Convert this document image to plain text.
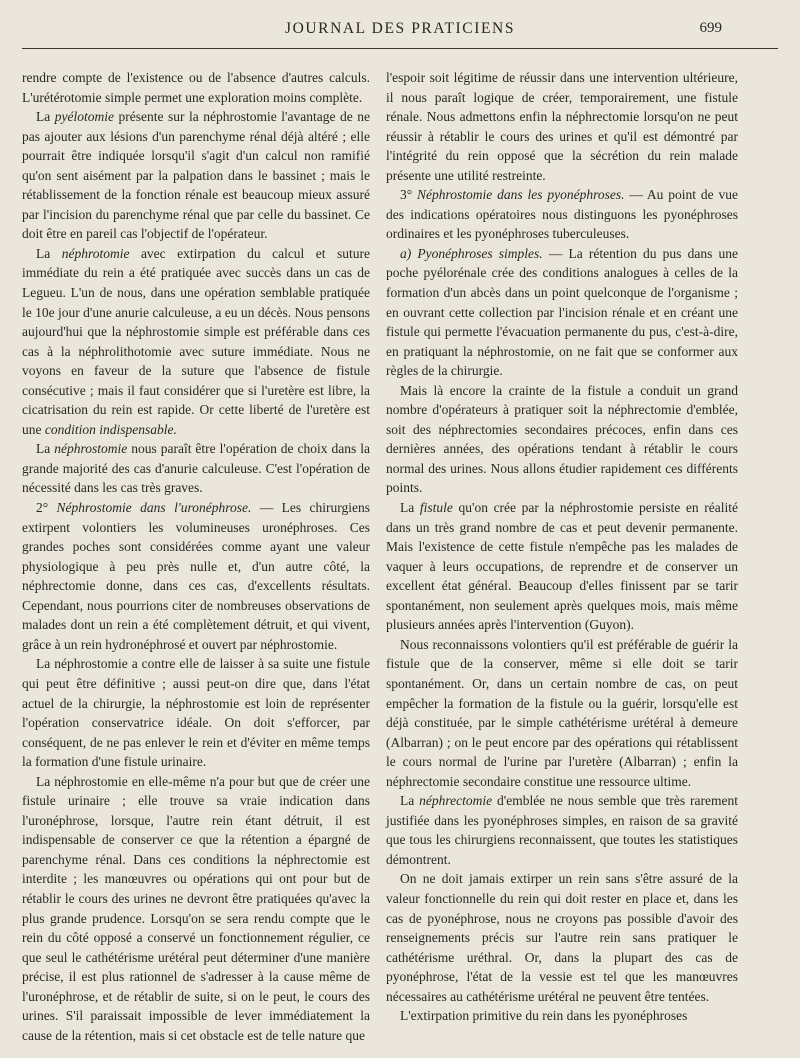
JOURNAL DES PRATICIENS	699

rendre compte de l'existence ou de l'absence d'autres calculs. L'urétérotomie simple permet une exploration moins complète.

La pyélotomie présente sur la néphrostomie l'avantage de ne pas ajouter aux lésions d'un parenchyme rénal déjà altéré ; elle pourrait être indiquée lorsqu'il s'agit d'un calcul non ramifié qu'on sent aisément par la palpation dans le bassinet ; mais le rétablissement de la fonction rénale est beaucoup mieux assuré par l'incision du parenchyme rénal que par celle du bassinet. Ce doit être en pareil cas l'objectif de l'opérateur.

La néphrotomie avec extirpation du calcul et suture immédiate du rein a été pratiquée avec succès dans un cas de Legueu. L'un de nous, dans une opération semblable pratiquée le 10e jour d'une anurie calculeuse, a eu un décès. Nous pensons aujourd'hui que la néphrostomie simple est préférable dans ces cas à la néphrolithotomie avec suture immédiate. Nous ne voyons en faveur de la suture que l'absence de fistule consécutive ; mais il faut considérer que si l'uretère est libre, la cicatrisation du rein est rapide. Or cette liberté de l'uretère est une condition indispensable.

La néphrostomie nous paraît être l'opération de choix dans la grande majorité des cas d'anurie calculeuse. C'est l'opération de nécessité dans les cas très graves.

2° Néphrostomie dans l'uronéphrose. — Les chirurgiens extirpent volontiers les volumineuses uronéphroses. Ces grandes poches sont considérées comme ayant une valeur physiologique à peu près nulle et, d'un autre côté, la néphrectomie donne, dans ces cas, d'excellents résultats. Cependant, nous pourrions citer de nombreuses observations de malades dont un rein a été complètement détruit, et qui vivent, grâce à un rein hydronéphrosé et ouvert par néphrostomie.

La néphrostomie a contre elle de laisser à sa suite une fistule qui peut être définitive ; aussi peut-on dire que, dans l'état actuel de la chirurgie, la néphrostomie est loin de représenter l'opération conservatrice idéale. On doit s'efforcer, par conséquent, de ne pas enlever le rein et d'éviter en même temps la formation d'une fistule urinaire.

La néphrostomie en elle-même n'a pour but que de créer une fistule urinaire ; elle trouve sa vraie indication dans l'uronéphrose, lorsque, l'autre rein étant détruit, il est indispensable de conserver ce que la rétention a épargné de parenchyme rénal. Dans ces conditions la néphrectomie est interdite ; les manœuvres ou opérations qui ont pour but de rétablir le cours des urines ne devront être pratiquées qu'avec la plus grande prudence. Lorsqu'on se sera rendu compte que le rein du côté opposé a conservé un fonctionnement régulier, ce que seul le cathétérisme urétéral peut déterminer d'une manière précise, il est plus rationnel de s'adresser à la cause même de l'uronéphrose, et de rétablir de suite, si on le peut, le cours des urines. S'il paraissait impossible de lever immédiatement la cause de la rétention, mais si cet obstacle est de telle nature que

l'espoir soit légitime de réussir dans une intervention ultérieure, il nous paraît logique de créer, temporairement, une fistule rénale. Nous admettons enfin la néphrectomie lorsqu'on ne peut réussir à rétablir le cours des urines et qu'il est démontré par l'intégrité du rein opposé que la sécrétion du rein malade présente une utilité restreinte.

3° Néphrostomie dans les pyonéphroses. — Au point de vue des indications opératoires nous distinguons les pyonéphroses ordinaires et les pyonéphroses tuberculeuses.

a) Pyonéphroses simples. — La rétention du pus dans une poche pyélorénale crée des conditions analogues à celles de la formation d'un abcès dans un point quelconque de l'organisme ; en ouvrant cette collection par l'incision rénale et en créant une fistule qui permette l'évacuation permanente du pus, c'est-à-dire, en pratiquant la néphrostomie, on ne fait que se conformer aux règles de la chirurgie.

Mais là encore la crainte de la fistule a conduit un grand nombre d'opérateurs à pratiquer soit la néphrectomie d'emblée, soit des néphrectomies secondaires précoces, enfin dans ces dernières années, des opérations tendant à rétablir le cours normal des urines. Nous allons étudier rapidement ces différents points.

La fistule qu'on crée par la néphrostomie persiste en réalité dans un très grand nombre de cas et peut devenir permanente. Mais l'existence de cette fistule n'empêche pas les malades de vaquer à leurs occupations, de reprendre et de conserver un excellent état général. Beaucoup d'elles finissent par se tarir spontanément, non seulement après quelques mois, mais même plusieurs années après l'intervention (Guyon).

Nous reconnaissons volontiers qu'il est préférable de guérir la fistule que de la conserver, même si elle doit se tarir spontanément. Or, dans un certain nombre de cas, on peut empêcher la formation de la fistule ou la guérir, lorsqu'elle est déjà constituée, par le simple cathétérisme urétéral à demeure (Albarran) ; on le peut encore par des opérations qui rétablissent le cours normal de l'urine par l'uretère (Albarran) ; enfin la néphrectomie secondaire constitue une ressource ultime.

La néphrectomie d'emblée ne nous semble que très rarement justifiée dans les pyonéphroses simples, en raison de sa gravité que tous les chirurgiens reconnaissent, que toutes les statistiques démontrent.

On ne doit jamais extirper un rein sans s'être assuré de la valeur fonctionnelle du rein qui doit rester en place et, dans les cas de pyonéphrose, nous ne croyons pas possible d'avoir des renseignements précis sur l'autre rein sans pratiquer le cathétérisme uréthral. Or, dans la plupart des cas de pyonéphrose, l'état de la vessie est tel que les manœuvres nécessaires au cathétérisme urétéral ne peuvent être tentées.

L'extirpation primitive du rein dans les pyonéphroses
